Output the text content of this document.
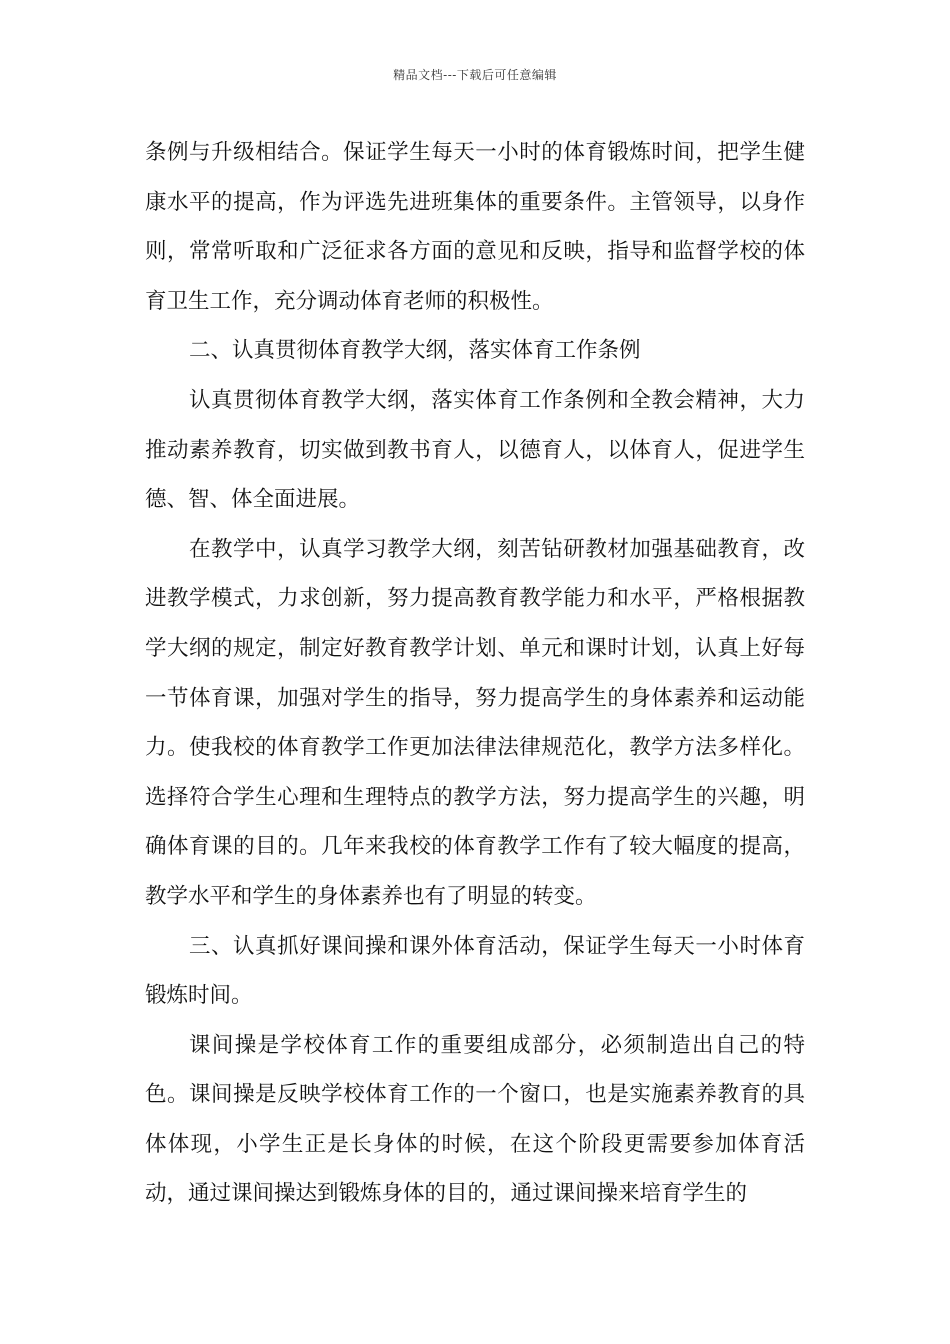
精品文档---下载后可任意编辑

条例与升级相结合。保证学生每天一小时的体育锻炼时间，把学生健康水平的提高，作为评选先进班集体的重要条件。主管领导，以身作则，常常听取和广泛征求各方面的意见和反映，指导和监督学校的体育卫生工作，充分调动体育老师的积极性。

二、认真贯彻体育教学大纲，落实体育工作条例

认真贯彻体育教学大纲，落实体育工作条例和全教会精神，大力推动素养教育，切实做到教书育人，以德育人，以体育人，促进学生德、智、体全面进展。

在教学中，认真学习教学大纲，刻苦钻研教材加强基础教育，改进教学模式，力求创新，努力提高教育教学能力和水平，严格根据教学大纲的规定，制定好教育教学计划、单元和课时计划，认真上好每一节体育课，加强对学生的指导，努力提高学生的身体素养和运动能力。使我校的体育教学工作更加法律法律规范化，教学方法多样化。选择符合学生心理和生理特点的教学方法，努力提高学生的兴趣，明确体育课的目的。几年来我校的体育教学工作有了较大幅度的提高，教学水平和学生的身体素养也有了明显的转变。

三、认真抓好课间操和课外体育活动，保证学生每天一小时体育锻炼时间。

课间操是学校体育工作的重要组成部分，必须制造出自己的特色。课间操是反映学校体育工作的一个窗口，也是实施素养教育的具体体现，小学生正是长身体的时候，在这个阶段更需要参加体育活动，通过课间操达到锻炼身体的目的，通过课间操来培育学生的
